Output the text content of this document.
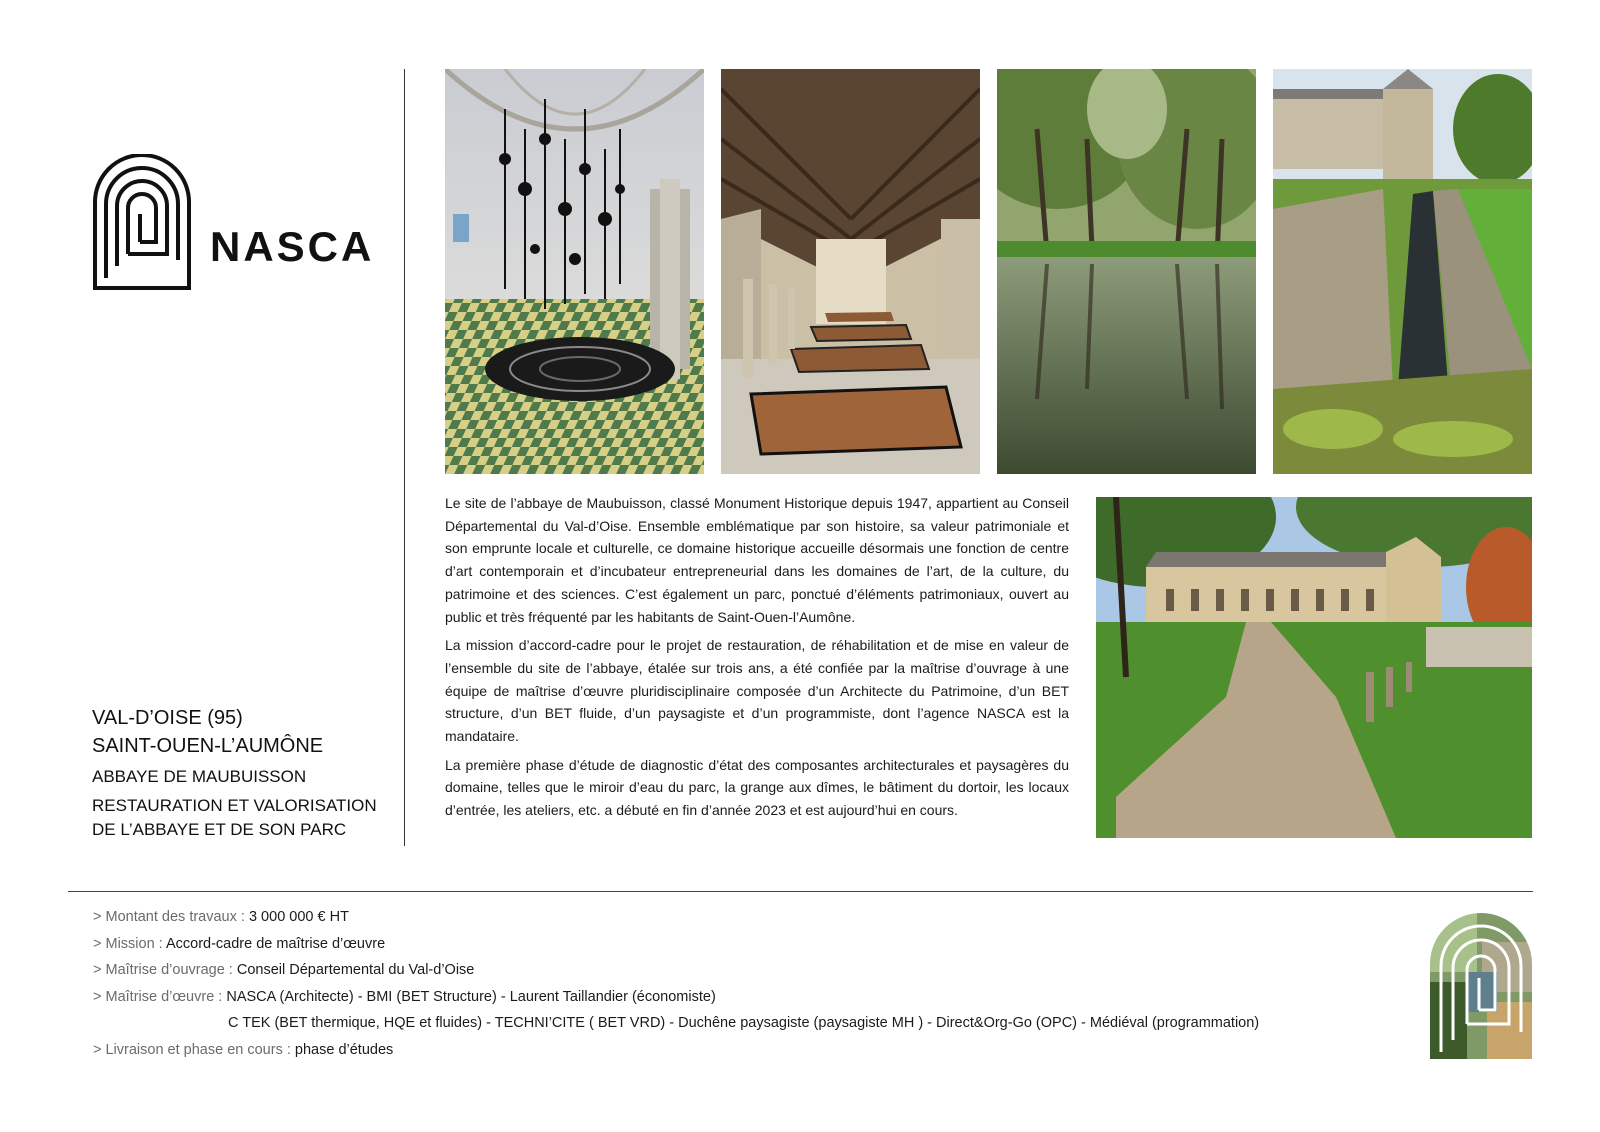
NASCA
VAL-D’OISE (95)
SAINT-OUEN-L’AUMÔNE
ABBAYE DE MAUBUISSON
RESTAURATION ET VALORISATION
DE L’ABBAYE ET DE SON PARC

Le site de l’abbaye de Maubuisson, classé Monument Historique depuis 1947, appartient au Conseil Départemental du Val-d’Oise. Ensemble emblématique par son histoire, sa valeur patrimoniale et son emprunte locale et culturelle, ce domaine historique accueille désormais une fonction de centre d’art contemporain et d’incubateur entrepreneurial dans les domaines de l’art, de la culture, du patrimoine et des sciences. C’est également un parc, ponctué d’éléments patrimoniaux, ouvert au public et très fréquenté par les habitants de Saint-Ouen-l’Aumône.

La mission d’accord-cadre pour le projet de restauration, de réhabilitation et de mise en valeur de l’ensemble du site de l’abbaye, étalée sur trois ans, a été confiée par la maîtrise d’ouvrage à une équipe de maîtrise d’œuvre pluridisciplinaire composée d’un Architecte du Patrimoine, d’un BET structure, d’un BET fluide, d’un paysagiste et d’un programmiste, dont l’agence NASCA est la mandataire.

La première phase d’étude de diagnostic d’état des composantes architecturales et paysagères du domaine, telles que le miroir d’eau du parc, la grange aux dîmes, le bâtiment du dortoir, les locaux d’entrée, les ateliers, etc. a débuté en fin d’année 2023 et est aujourd’hui en cours.

> Montant des travaux : 3 000 000 € HT
> Mission : Accord-cadre de maîtrise d’œuvre
> Maîtrise d’ouvrage : Conseil Départemental du Val-d’Oise
> Maîtrise d’œuvre : NASCA (Architecte) - BMI (BET Structure) - Laurent Taillandier (économiste)
C TEK (BET thermique, HQE et fluides) - TECHNI’CITE ( BET VRD) - Duchêne paysagiste (paysagiste MH ) - Direct&Org-Go (OPC) - Médiéval (programmation)
> Livraison et phase en cours : phase d’études
